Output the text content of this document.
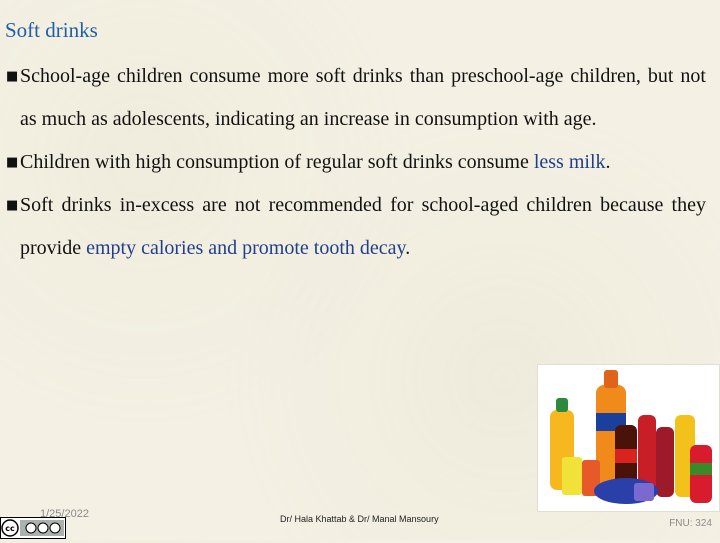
Soft drinks
■ School-age children consume more soft drinks than preschool-age children, but not as much as adolescents, indicating an increase in consumption with age.
■ Children with high consumption of regular soft drinks consume less milk.
■ Soft drinks in-excess are not recommended for school-aged children because they provide empty calories and promote tooth decay.
cc
1/25/2022	Dr/ Hala Khattab & Dr/ Manal Mansoury	FNU: 324
